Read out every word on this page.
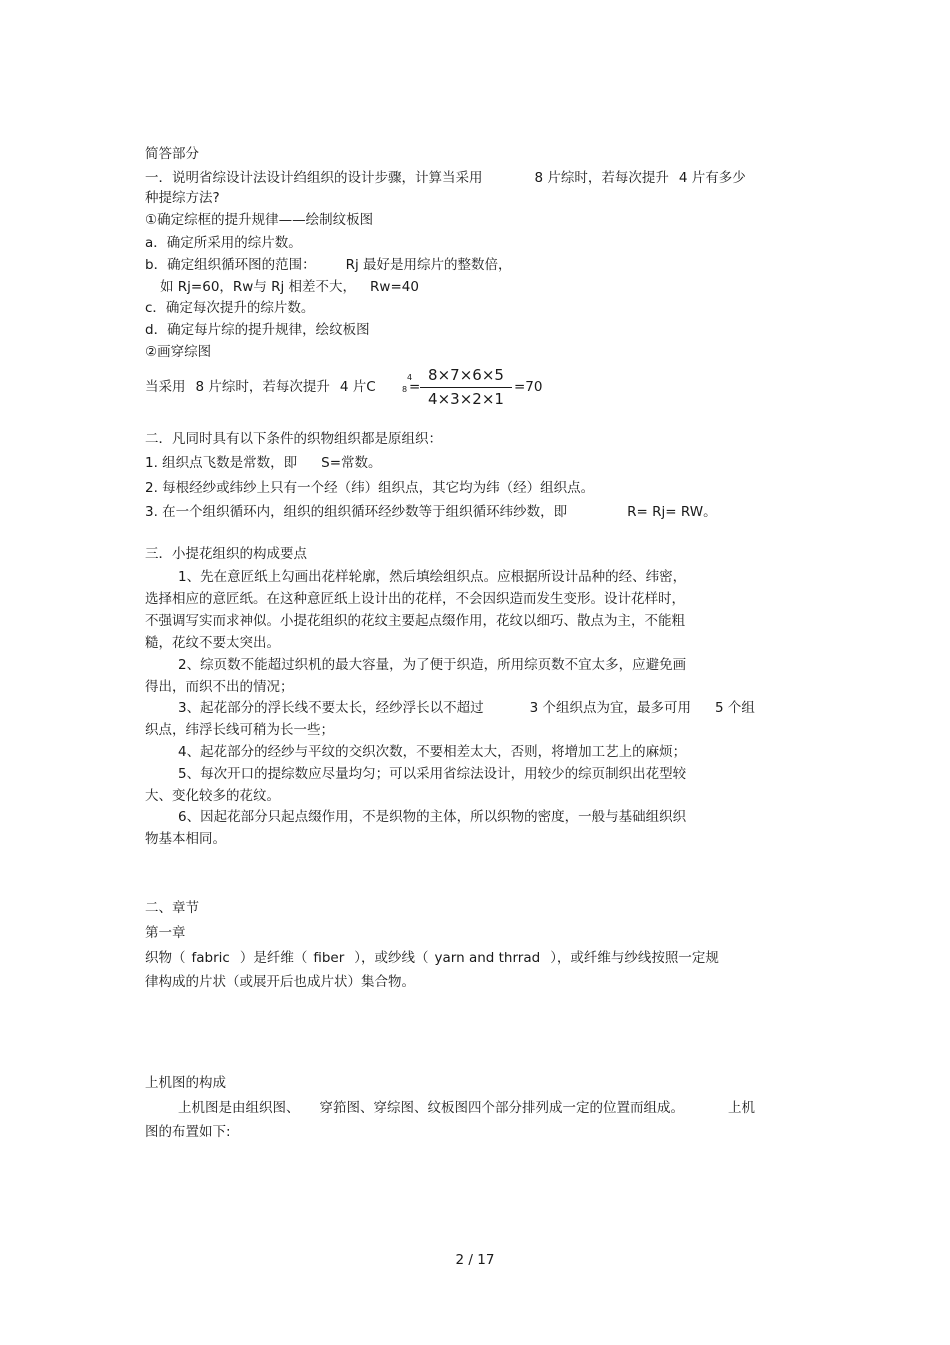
简答部分
一．说明省综设计法设计绉组织的设计步骤，计算当采用	8 片综时，若每次提升 4 片有多少
种提综方法?
①确定综框的提升规律——绘制纹板图
a．确定所采用的综片数。
b．确定组织循环图的范围： Rj 最好是用综片的整数倍，
如 Rj=60，Rw与 Rj 相差不大， Rw=40
c．确定每次提升的综片数。
d．确定每片综的提升规律，绘纹板图
②画穿综图
当采用 8 片综时，若每次提升 4 片C
4
8 =
8×7×6×5
4×3×2×1
=70
二．凡同时具有以下条件的织物组织都是原组织：
1. 组织点飞数是常数，即 S=常数。
2. 每根经纱或纬纱上只有一个经（纬）组织点，其它均为纬（经）组织点。
3. 在一个组织循环内，组织的组织循环经纱数等于组织循环纬纱数，即	R= Rj= RW。
三．小提花组织的构成要点
1、先在意匠纸上勾画出花样轮廓，然后填绘组织点。应根据所设计品种的经、纬密，
选择相应的意匠纸。在这种意匠纸上设计出的花样，不会因织造而发生变形。设计花样时，
不强调写实而求神似。小提花组织的花纹主要起点缀作用，花纹以细巧、散点为主，不能粗
糙，花纹不要太突出。
2、综页数不能超过织机的最大容量，为了便于织造，所用综页数不宜太多，应避免画
得出，而织不出的情况；
3、起花部分的浮长线不要太长，经纱浮长以不超过	3 个组织点为宜，最多可用 5 个组
织点，纬浮长线可稍为长一些；
4、起花部分的经纱与平纹的交织次数，不要相差太大，否则，将增加工艺上的麻烦；
5、每次开口的提综数应尽量均匀；可以采用省综法设计，用较少的综页制织出花型较
大、变化较多的花纹。
6、因起花部分只起点缀作用，不是织物的主体，所以织物的密度，一般与基础组织织
物基本相同。
二、章节
第一章
织物（ fabric ）是纤维（ fiber ），或纱线（ yarn and thrrad ），或纤维与纱线按照一定规
律构成的片状（或展开后也成片状）集合物。
上机图的构成
上机图是由组织图、 穿筘图、穿综图、纹板图四个部分排列成一定的位置而组成。	上机
图的布置如下:
2 / 17
